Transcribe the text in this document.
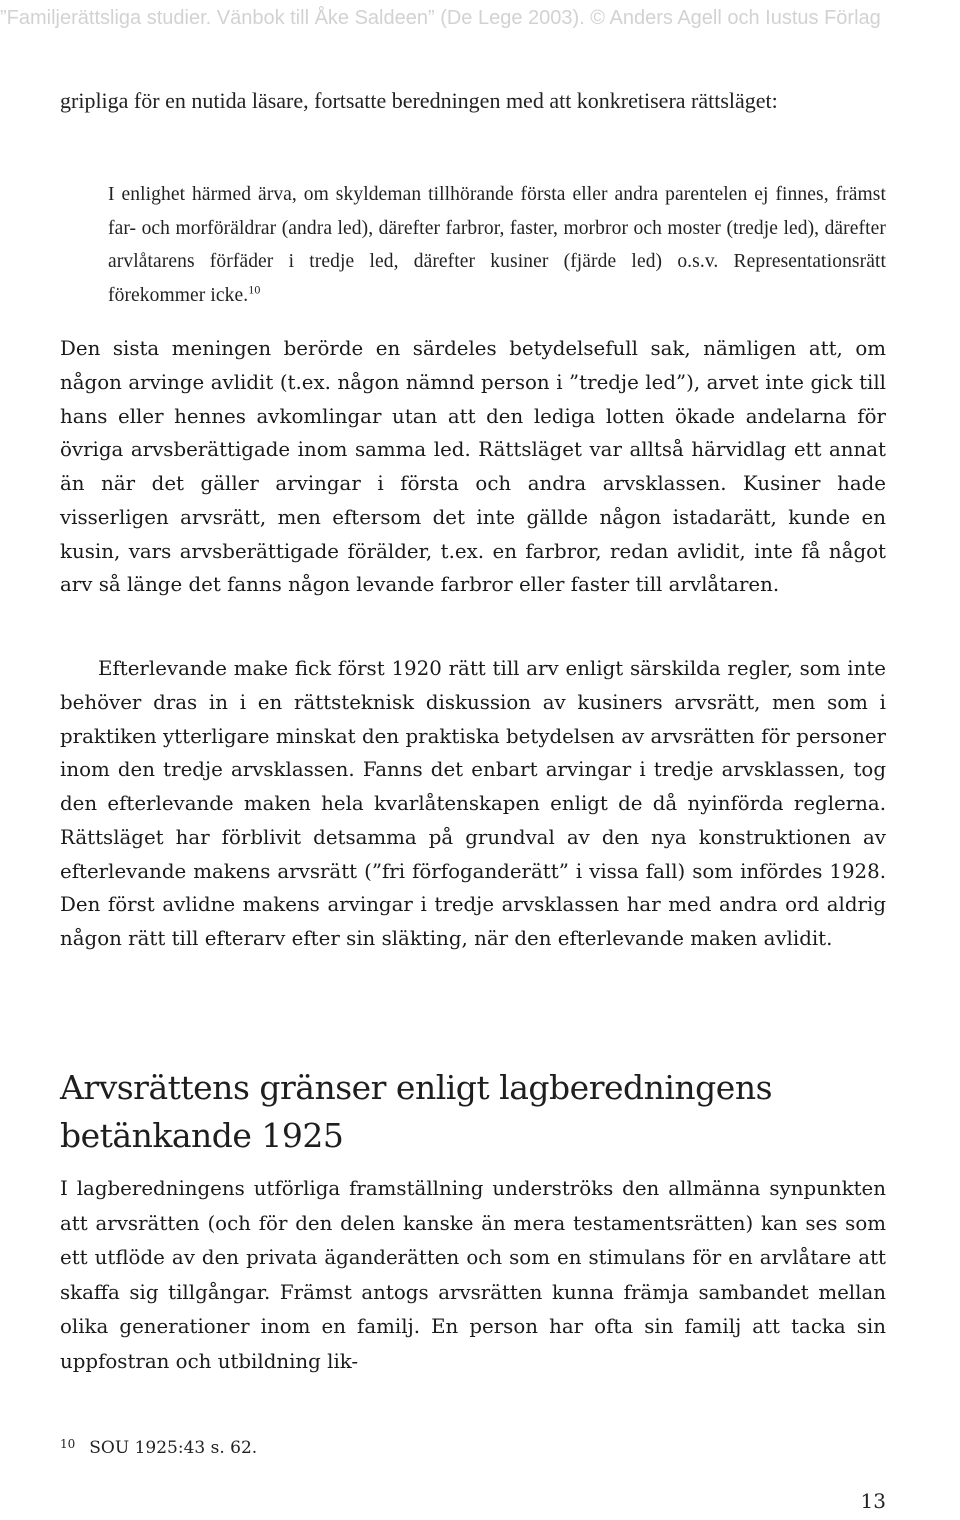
”Familjerättsliga studier. Vänbok till Åke Saldeen” (De Lege 2003). © Anders Agell och Iustus Förlag

gripliga för en nutida läsare, fortsatte beredningen med att konkretisera rättsläget:

I enlighet härmed ärva, om skyldeman tillhörande första eller andra parentelen ej finnes, främst far- och morföräldrar (andra led), därefter farbror, faster, morbror och moster (tredje led), därefter arvlåtarens förfäder i tredje led, därefter kusiner (fjärde led) o.s.v. Representationsrätt förekommer icke.$^{10}$

Den sista meningen berörde en särdeles betydelsefull sak, nämligen att, om någon arvinge avlidit (t.ex. någon nämnd person i ”tredje led”), arvet inte gick till hans eller hennes avkomlingar utan att den lediga lotten ökade andelarna för övriga arvsberättigade inom samma led. Rättsläget var alltså härvidlag ett annat än när det gäller arvingar i första och andra arvsklassen. Kusiner hade visserligen arvsrätt, men eftersom det inte gällde någon istadarätt, kunde en kusin, vars arvsberättigade förälder, t.ex. en farbror, redan avlidit, inte få något arv så länge det fanns någon levande farbror eller faster till arvlåtaren.

Efterlevande make fick först 1920 rätt till arv enligt särskilda regler, som inte behöver dras in i en rättsteknisk diskussion av kusiners arvsrätt, men som i praktiken ytterligare minskat den praktiska betydelsen av arvsrätten för personer inom den tredje arvsklassen. Fanns det enbart arvingar i tredje arvsklassen, tog den efterlevande maken hela kvarlåtenskapen enligt de då nyinförda reglerna. Rättsläget har förblivit detsamma på grundval av den nya konstruktionen av efterlevande makens arvsrätt (”fri förfoganderätt” i vissa fall) som infördes 1928. Den först avlidne makens arvingar i tredje arvsklassen har med andra ord aldrig någon rätt till efterarv efter sin släkting, när den efterlevande maken avlidit.

Arvsrättens gränser enligt lagberedningens betänkande 1925

I lagberedningens utförliga framställning underströks den allmänna synpunkten att arvsrätten (och för den delen kanske än mera testamentsrätten) kan ses som ett utflöde av den privata äganderätten och som en stimulans för en arvlåtare att skaffa sig tillgångar. Främst antogs arvsrätten kunna främja sambandet mellan olika generationer inom en familj. En person har ofta sin familj att tacka sin uppfostran och utbildning lik-

$^{10}$ SOU 1925:43 s. 62.
13
